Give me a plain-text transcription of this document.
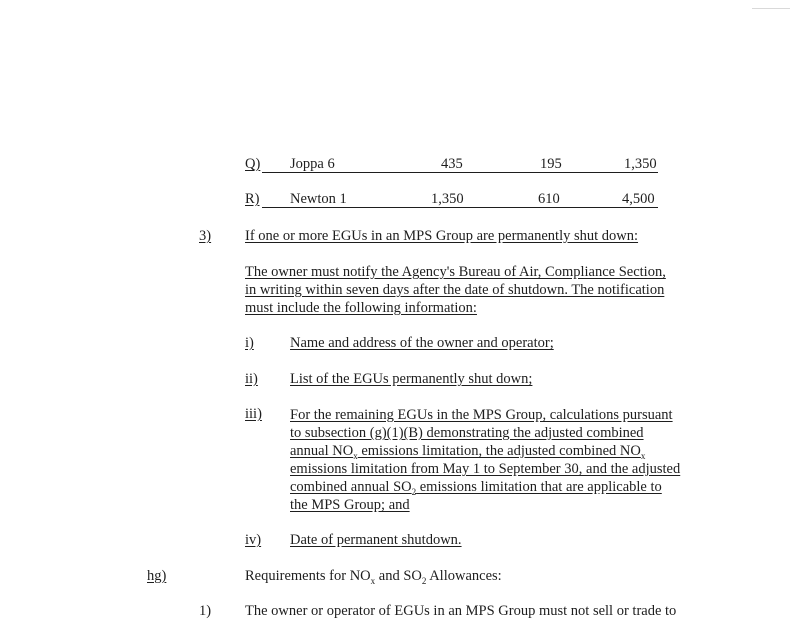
Q) Joppa 6	435	195	1,350
R) Newton 1	1,350	610	4,500
3) If one or more EGUs in an MPS Group are permanently shut down:
The owner must notify the Agency's Bureau of Air, Compliance Section,
in writing within seven days after the date of shutdown. The notification
must include the following information:
i) Name and address of the owner and operator;
ii) List of the EGUs permanently shut down;
iii) For the remaining EGUs in the MPS Group, calculations pursuant
to subsection (g)(1)(B) demonstrating the adjusted combined
annual $NO_x$ emissions limitation, the adjusted combined $NO_x$
emissions limitation from May 1 to September 30, and the adjusted
combined annual $SO_2$ emissions limitation that are applicable to
the MPS Group; and
iv) Date of permanent shutdown.
hg)	Requirements for $NO_x$ and $SO_2$ Allowances:
1) The owner or operator of EGUs in an MPS Group must not sell or trade to
